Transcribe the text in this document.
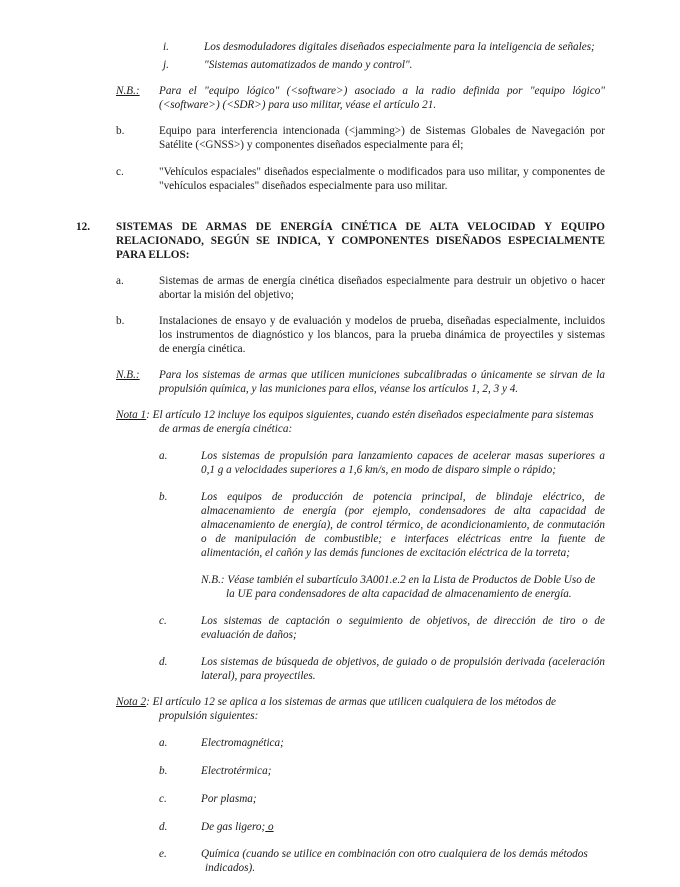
i.	Los desmoduladores digitales diseñados especialmente para la inteligencia de señales;
j.	"Sistemas automatizados de mando y control".
N.B.: Para el "equipo lógico" (<software>) asociado a la radio definida por "equipo lógico"
(<software>) (<SDR>) para uso militar, véase el artículo 21.
b.	Equipo para interferencia intencionada (<jamming>) de Sistemas Globales de Navegación por
Satélite (<GNSS>) y componentes diseñados especialmente para él;
c.	"Vehículos espaciales" diseñados especialmente o modificados para uso militar, y componentes de
"vehículos espaciales" diseñados especialmente para uso militar.
12. SISTEMAS DE ARMAS DE ENERGÍA CINÉTICA DE ALTA VELOCIDAD Y EQUIPO
RELACIONADO, SEGÚN SE INDICA, Y COMPONENTES DISEÑADOS ESPECIALMENTE
PARA ELLOS:
a.	Sistemas de armas de energía cinética diseñados especialmente para destruir un objetivo o hacer
abortar la misión del objetivo;
b.	Instalaciones de ensayo y de evaluación y modelos de prueba, diseñadas especialmente, incluidos
los instrumentos de diagnóstico y los blancos, para la prueba dinámica de proyectiles y sistemas
de energía cinética.
N.B.: Para los sistemas de armas que utilicen municiones subcalibradas o únicamente se sirvan de la
propulsión química, y las municiones para ellos, véanse los artículos 1, 2, 3 y 4.
Nota 1: El artículo 12 incluye los equipos siguientes, cuando estén diseñados especialmente para sistemas
de armas de energía cinética:
a.	Los sistemas de propulsión para lanzamiento capaces de acelerar masas superiores a
0,1 g a velocidades superiores a 1,6 km/s, en modo de disparo simple o rápido;
b.	Los equipos de producción de potencia principal, de blindaje eléctrico, de
almacenamiento de energía (por ejemplo, condensadores de alta capacidad de
almacenamiento de energía), de control térmico, de acondicionamiento, de conmutación
o de manipulación de combustible; e interfaces eléctricas entre la fuente de
alimentación, el cañón y las demás funciones de excitación eléctrica de la torreta;
N.B.: Véase también el subartículo 3A001.e.2 en la Lista de Productos de Doble Uso de
la UE para condensadores de alta capacidad de almacenamiento de energía.
c.	Los sistemas de captación o seguimiento de objetivos, de dirección de tiro o de
evaluación de daños;
d.	Los sistemas de búsqueda de objetivos, de guiado o de propulsión derivada (aceleración
lateral), para proyectiles.
Nota 2: El artículo 12 se aplica a los sistemas de armas que utilicen cualquiera de los métodos de
propulsión siguientes:
a.	Electromagnética;
b.	Electrotérmica;
c.	Por plasma;
d.	De gas ligero; o
e.	Química (cuando se utilice en combinación con otro cualquiera de los demás métodos
indicados).
